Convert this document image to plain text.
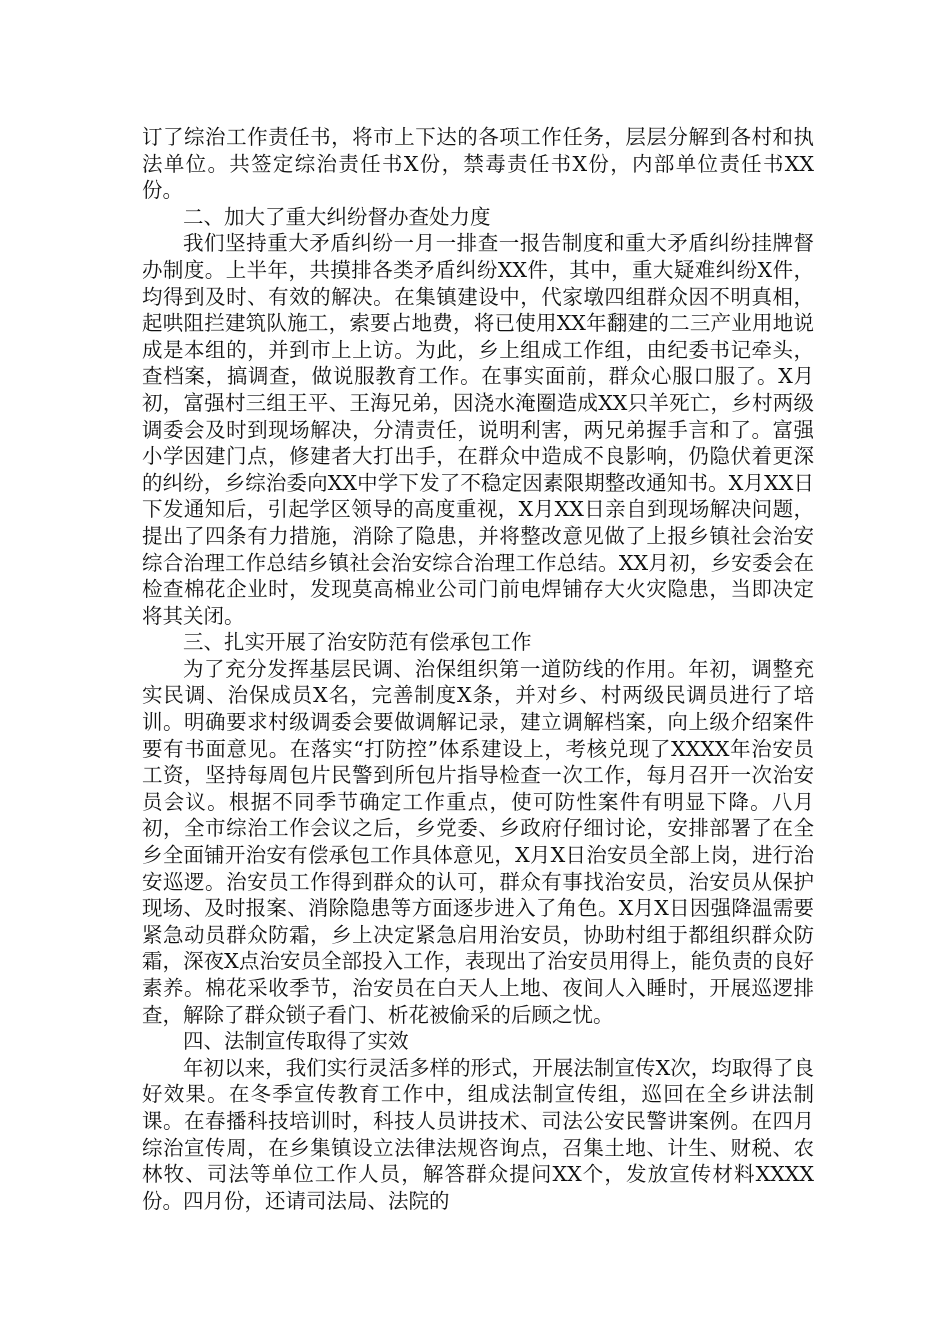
订了综治工作责任书，将市上下达的各项工作任务，层层分解到各村和执法单位。共签定综治责任书X份，禁毒责任书X份，内部单位责任书XX份。

二、加大了重大纠纷督办查处力度

我们坚持重大矛盾纠纷一月一排查一报告制度和重大矛盾纠纷挂牌督办制度。上半年，共摸排各类矛盾纠纷XX件，其中，重大疑难纠纷X件，均得到及时、有效的解决。在集镇建设中，代家墩四组群众因不明真相，起哄阻拦建筑队施工，索要占地费，将已使用XX年翻建的二三产业用地说成是本组的，并到市上上访。为此，乡上组成工作组，由纪委书记牵头，查档案，搞调查，做说服教育工作。在事实面前，群众心服口服了。X月初，富强村三组王平、王海兄弟，因浇水淹圈造成XX只羊死亡，乡村两级调委会及时到现场解决，分清责任，说明利害，两兄弟握手言和了。富强小学因建门点，修建者大打出手，在群众中造成不良影响，仍隐伏着更深的纠纷，乡综治委向XX中学下发了不稳定因素限期整改通知书。X月XX日下发通知后，引起学区领导的高度重视，X月XX日亲自到现场解决问题，提出了四条有力措施，消除了隐患，并将整改意见做了上报乡镇社会治安综合治理工作总结乡镇社会治安综合治理工作总结。XX月初，乡安委会在检查棉花企业时，发现莫高棉业公司门前电焊铺存大火灾隐患，当即决定将其关闭。

三、扎实开展了治安防范有偿承包工作

为了充分发挥基层民调、治保组织第一道防线的作用。年初，调整充实民调、治保成员X名，完善制度X条，并对乡、村两级民调员进行了培训。明确要求村级调委会要做调解记录，建立调解档案，向上级介绍案件要有书面意见。在落实“打防控”体系建设上，考核兑现了XXXX年治安员工资，坚持每周包片民警到所包片指导检查一次工作，每月召开一次治安员会议。根据不同季节确定工作重点，使可防性案件有明显下降。八月初，全市综治工作会议之后，乡党委、乡政府仔细讨论，安排部署了在全乡全面铺开治安有偿承包工作具体意见，X月X日治安员全部上岗，进行治安巡逻。治安员工作得到群众的认可，群众有事找治安员，治安员从保护现场、及时报案、消除隐患等方面逐步进入了角色。X月X日因强降温需要紧急动员群众防霜，乡上决定紧急启用治安员，协助村组于都组织群众防霜，深夜X点治安员全部投入工作，表现出了治安员用得上，能负责的良好素养。棉花采收季节，治安员在白天人上地、夜间人入睡时，开展巡逻排查，解除了群众锁子看门、析花被偷采的后顾之忧。

四、法制宣传取得了实效

年初以来，我们实行灵活多样的形式，开展法制宣传X次，均取得了良好效果。在冬季宣传教育工作中，组成法制宣传组，巡回在全乡讲法制课。在春播科技培训时，科技人员讲技术、司法公安民警讲案例。在四月综治宣传周，在乡集镇设立法律法规咨询点，召集土地、计生、财税、农林牧、司法等单位工作人员，解答群众提问XX个，发放宣传材料XXXX份。四月份，还请司法局、法院的
